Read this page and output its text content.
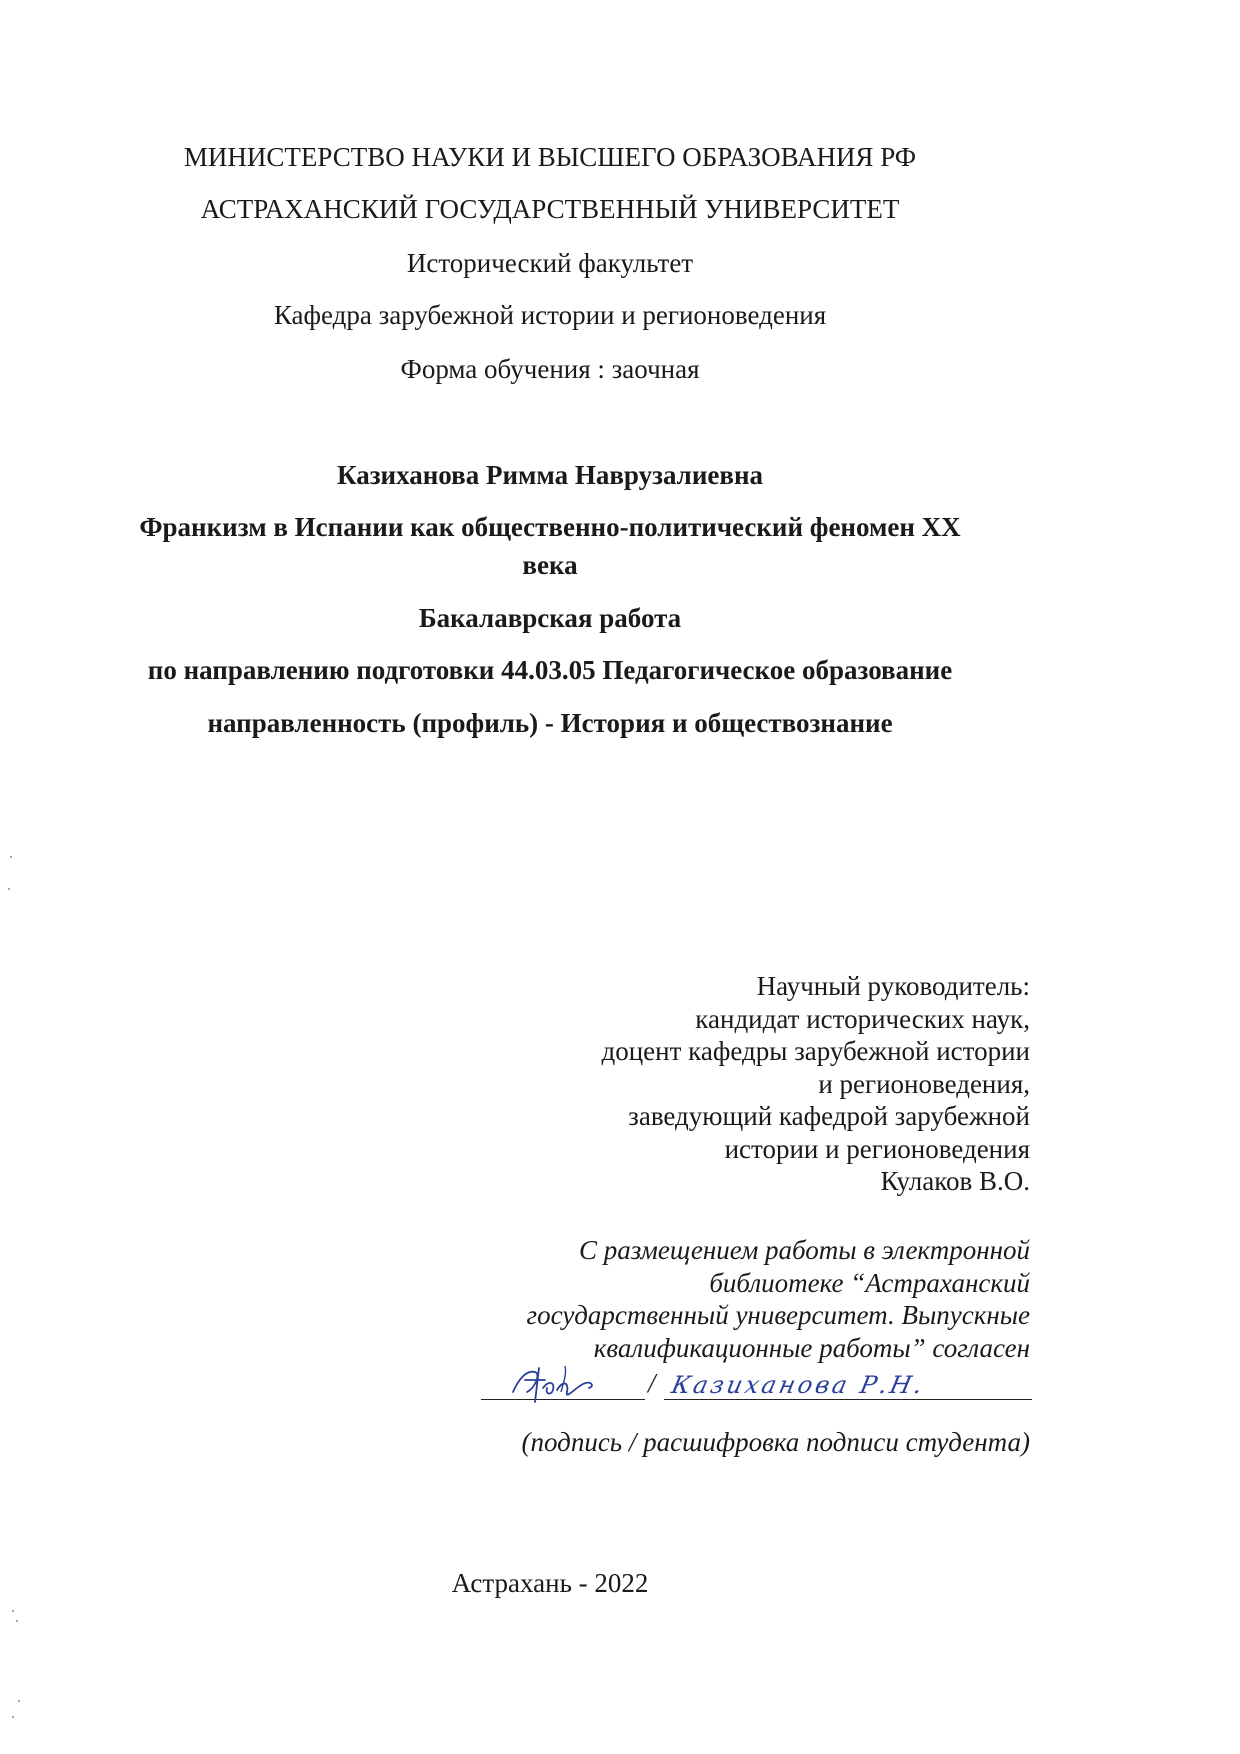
МИНИСТЕРСТВО НАУКИ И ВЫСШЕГО ОБРАЗОВАНИЯ РФ
АСТРАХАНСКИЙ ГОСУДАРСТВЕННЫЙ УНИВЕРСИТЕТ
Исторический факультет
Кафедра зарубежной истории и регионоведения
Форма обучения : заочная
Казиханова Римма Наврузалиевна
Франкизм в Испании как общественно-политический феномен XX
века
Бакалаврская работа
по направлению подготовки 44.03.05 Педагогическое образование
направленность (профиль) - История и обществознание
Научный руководитель:
кандидат исторических наук,
доцент кафедры зарубежной истории
и регионоведения,
заведующий кафедрой зарубежной
истории и регионоведения
Кулаков В.О.
С размещением работы в электронной
библиотеке “Астраханский
государственный университет. Выпускные
квалификационные работы” согласен
/ Казиханова Р.Н.
(подпись / расшифровка подписи студента)
Астрахань - 2022
